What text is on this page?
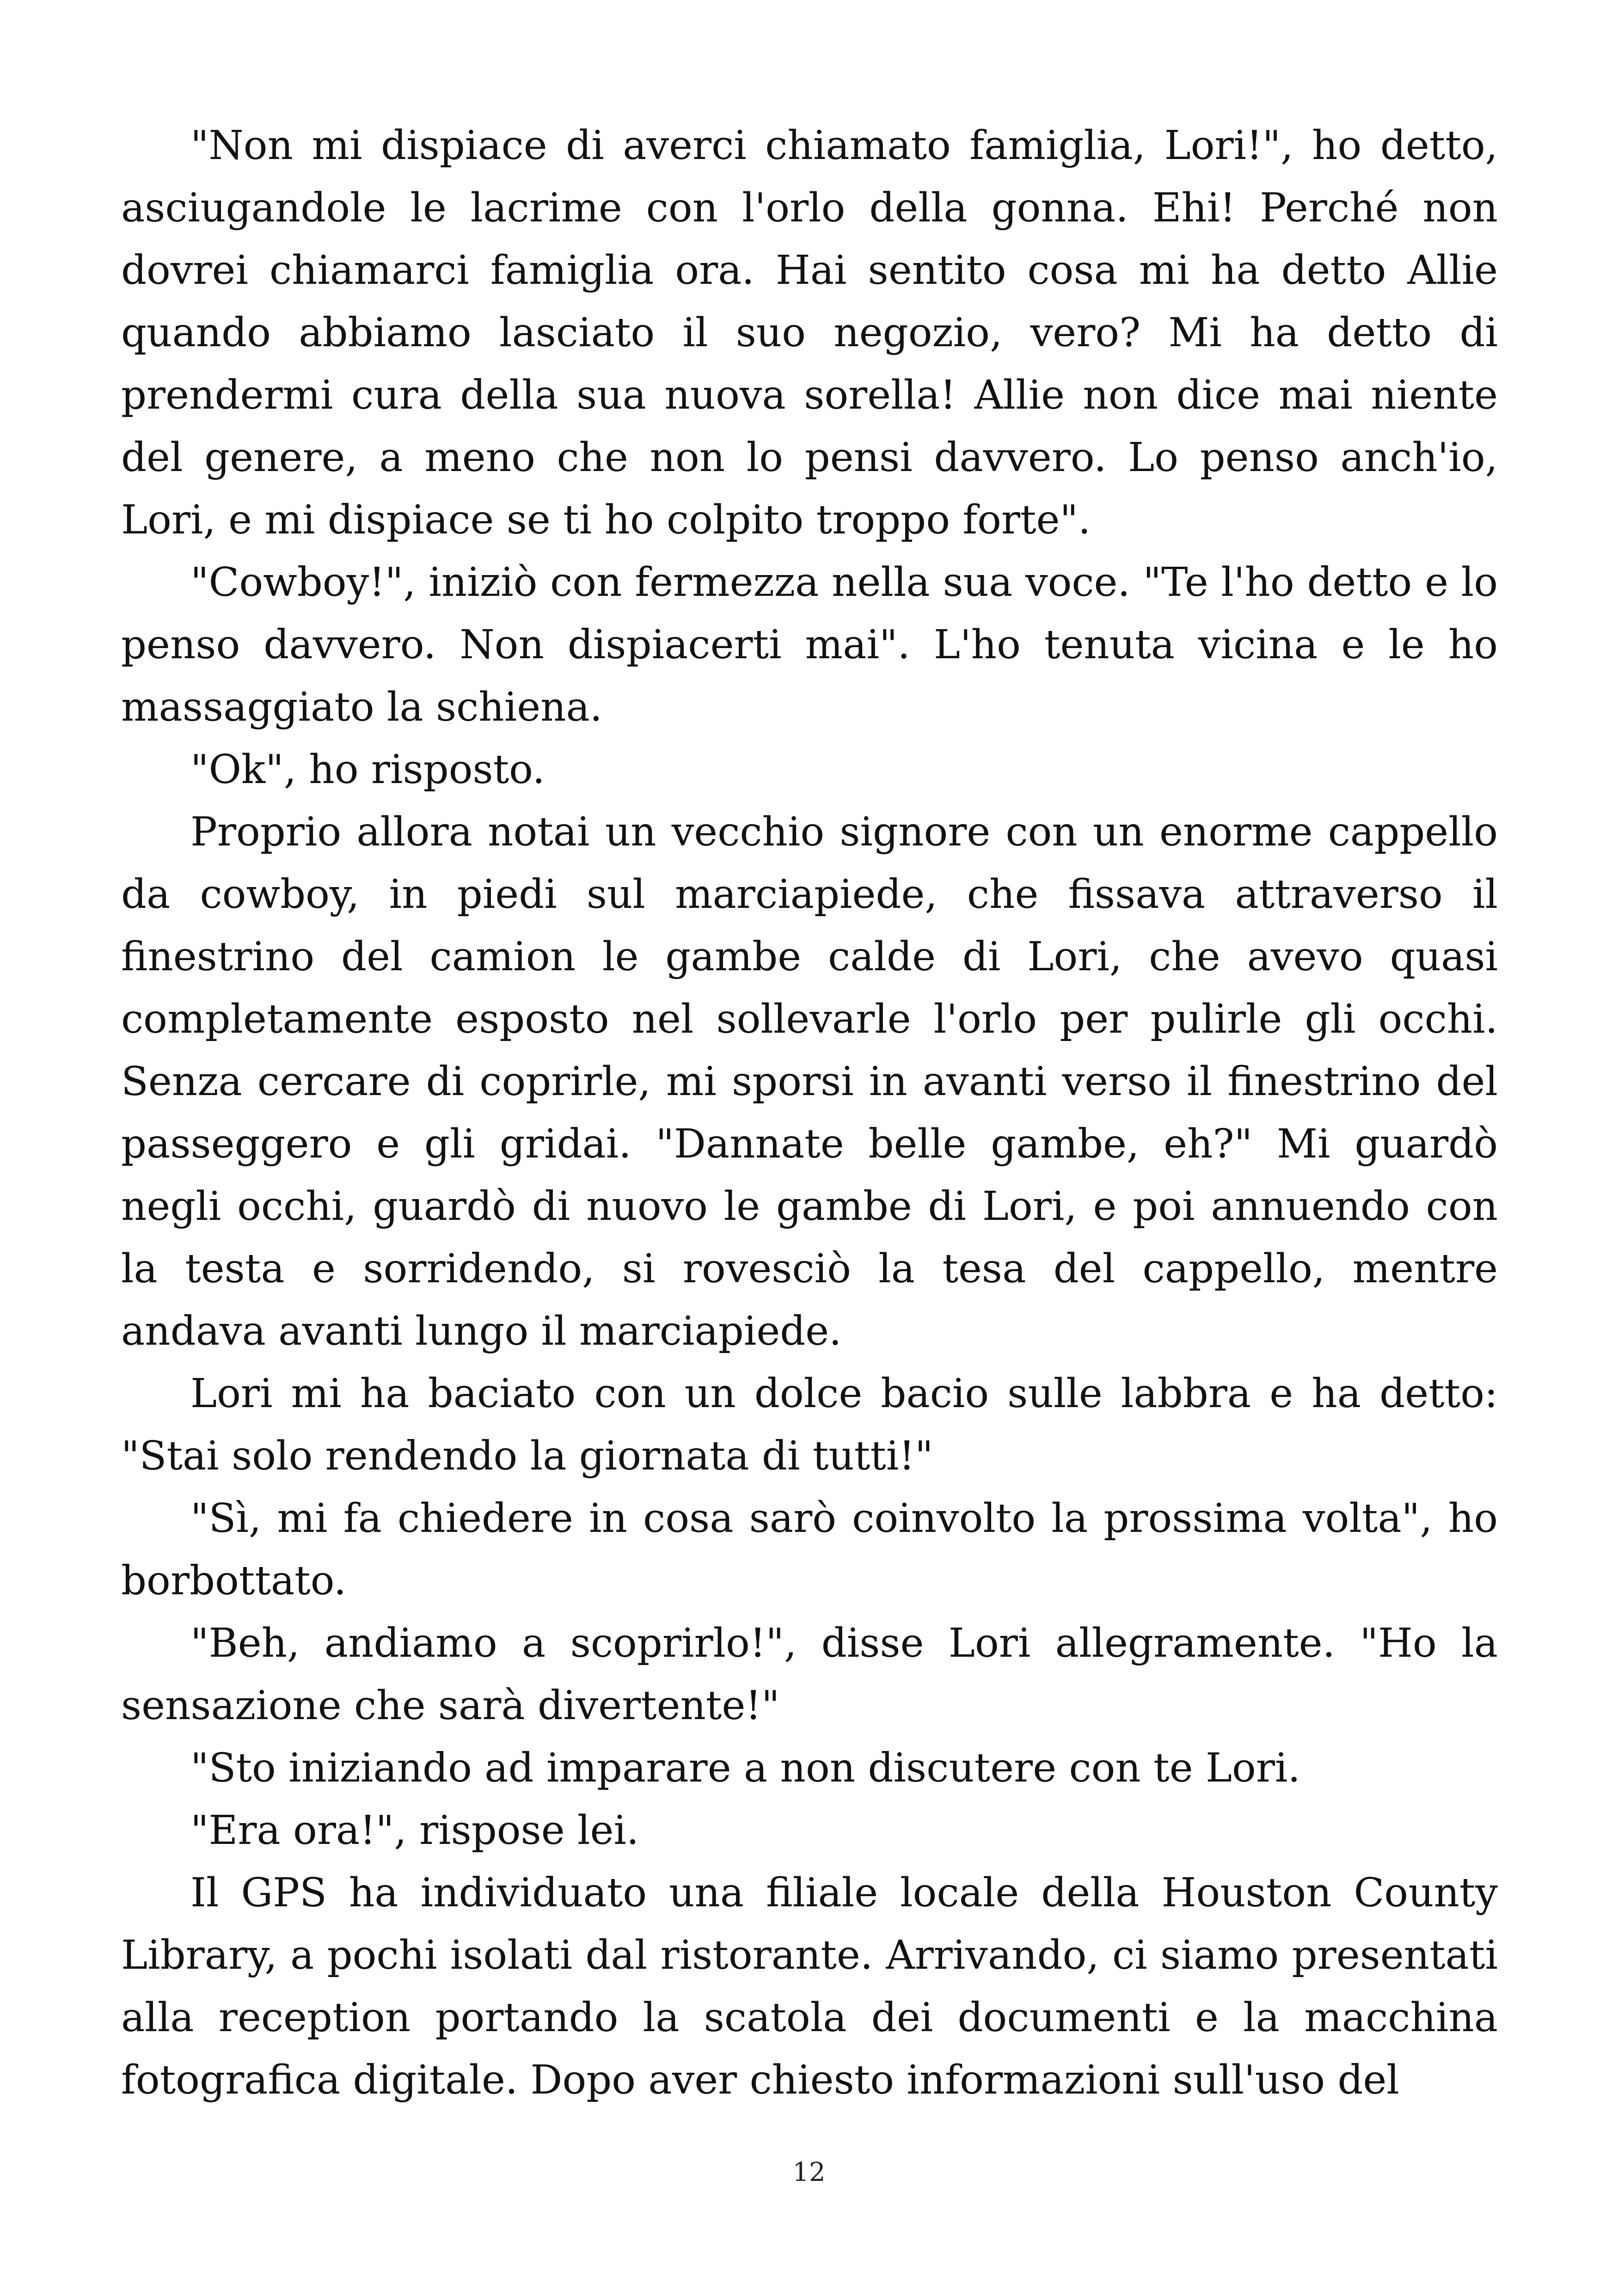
"Non mi dispiace di averci chiamato famiglia, Lori!", ho detto, asciugandole le lacrime con l'orlo della gonna. Ehi! Perché non dovrei chiamarci famiglia ora. Hai sentito cosa mi ha detto Allie quando abbiamo lasciato il suo negozio, vero? Mi ha detto di prendermi cura della sua nuova sorella! Allie non dice mai niente del genere, a meno che non lo pensi davvero. Lo penso anch'io, Lori, e mi dispiace se ti ho colpito troppo forte".

"Cowboy!", iniziò con fermezza nella sua voce. "Te l'ho detto e lo penso davvero. Non dispiacerti mai". L'ho tenuta vicina e le ho massaggiato la schiena.

"Ok", ho risposto.

Proprio allora notai un vecchio signore con un enorme cappello da cowboy, in piedi sul marciapiede, che fissava attraverso il finestrino del camion le gambe calde di Lori, che avevo quasi completamente esposto nel sollevarle l'orlo per pulirle gli occhi. Senza cercare di coprirle, mi sporsi in avanti verso il finestrino del passeggero e gli gridai. "Dannate belle gambe, eh?" Mi guardò negli occhi, guardò di nuovo le gambe di Lori, e poi annuendo con la testa e sorridendo, si rovesciò la tesa del cappello, mentre andava avanti lungo il marciapiede.

Lori mi ha baciato con un dolce bacio sulle labbra e ha detto: "Stai solo rendendo la giornata di tutti!"

"Sì, mi fa chiedere in cosa sarò coinvolto la prossima volta", ho borbottato.

"Beh, andiamo a scoprirlo!", disse Lori allegramente. "Ho la sensazione che sarà divertente!"

"Sto iniziando ad imparare a non discutere con te Lori.

"Era ora!", rispose lei.

Il GPS ha individuato una filiale locale della Houston County Library, a pochi isolati dal ristorante. Arrivando, ci siamo presentati alla reception portando la scatola dei documenti e la macchina fotografica digitale. Dopo aver chiesto informazioni sull'uso del

12
